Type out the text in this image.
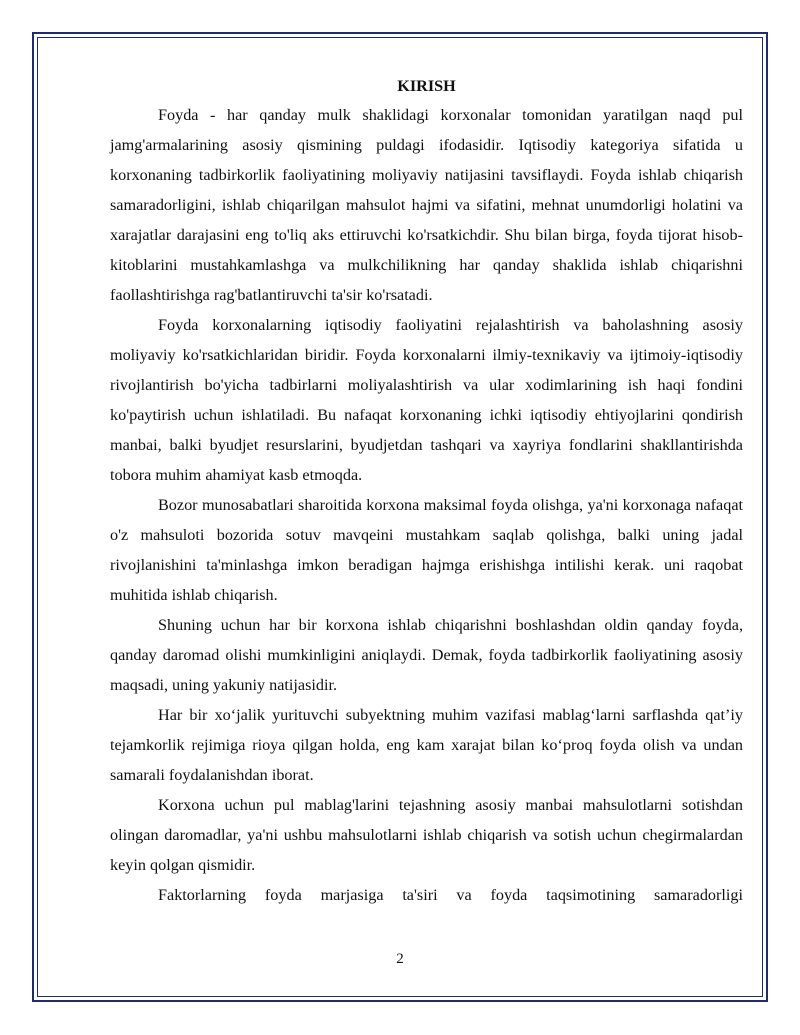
KIRISH

Foyda - har qanday mulk shaklidagi korxonalar tomonidan yaratilgan naqd pul jamg'armalarining asosiy qismining puldagi ifodasidir. Iqtisodiy kategoriya sifatida u korxonaning tadbirkorlik faoliyatining moliyaviy natijasini tavsiflaydi. Foyda ishlab chiqarish samaradorligini, ishlab chiqarilgan mahsulot hajmi va sifatini, mehnat unumdorligi holatini va xarajatlar darajasini eng to'liq aks ettiruvchi ko'rsatkichdir. Shu bilan birga, foyda tijorat hisob-kitoblarini mustahkamlashga va mulkchilikning har qanday shaklida ishlab chiqarishni faollashtirishga rag'batlantiruvchi ta'sir ko'rsatadi.

Foyda korxonalarning iqtisodiy faoliyatini rejalashtirish va baholashning asosiy moliyaviy ko'rsatkichlaridan biridir. Foyda korxonalarni ilmiy-texnikaviy va ijtimoiy-iqtisodiy rivojlantirish bo'yicha tadbirlarni moliyalashtirish va ular xodimlarining ish haqi fondini ko'paytirish uchun ishlatiladi. Bu nafaqat korxonaning ichki iqtisodiy ehtiyojlarini qondirish manbai, balki byudjet resurslarini, byudjetdan tashqari va xayriya fondlarini shakllantirishda tobora muhim ahamiyat kasb etmoqda.

Bozor munosabatlari sharoitida korxona maksimal foyda olishga, ya'ni korxonaga nafaqat o'z mahsuloti bozorida sotuv mavqeini mustahkam saqlab qolishga, balki uning jadal rivojlanishini ta'minlashga imkon beradigan hajmga erishishga intilishi kerak. uni raqobat muhitida ishlab chiqarish.

Shuning uchun har bir korxona ishlab chiqarishni boshlashdan oldin qanday foyda, qanday daromad olishi mumkinligini aniqlaydi. Demak, foyda tadbirkorlik faoliyatining asosiy maqsadi, uning yakuniy natijasidir.

Har bir xo‘jalik yurituvchi subyektning muhim vazifasi mablag‘larni sarflashda qat’iy tejamkorlik rejimiga rioya qilgan holda, eng kam xarajat bilan ko‘proq foyda olish va undan samarali foydalanishdan iborat.

Korxona uchun pul mablag'larini tejashning asosiy manbai mahsulotlarni sotishdan olingan daromadlar, ya'ni ushbu mahsulotlarni ishlab chiqarish va sotish uchun chegirmalardan keyin qolgan qismidir.

Faktorlarning foyda marjasiga ta'siri va foyda taqsimotining samaradorligi

2
